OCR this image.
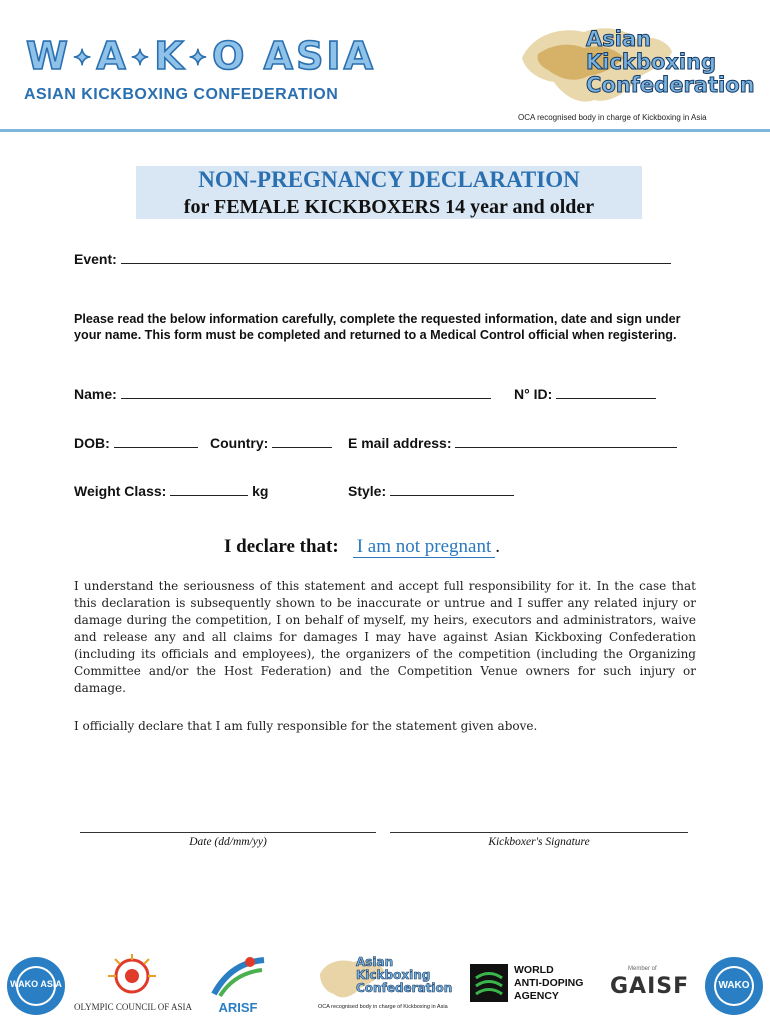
W✦A✦K✦O ASIA
ASIAN KICKBOXING CONFEDERATION
Asian
Kickboxing
Confederation
OCA recognised body in charge of Kickboxing in Asia
NON-PREGNANCY DECLARATION
for FEMALE KICKBOXERS 14 year and older
Event:
Please read the below information carefully, complete the requested information, date and sign under your name. This form must be completed and returned to a Medical Control official when registering.
Name:	N° ID:
DOB:	Country:	E mail address:
Weight Class:	kg	Style:
I declare that: I am not pregnant .
I understand the seriousness of this statement and accept full responsibility for it. In the case that this declaration is subsequently shown to be inaccurate or untrue and I suffer any related injury or damage during the competition, I on behalf of myself, my heirs, executors and administrators, waive and release any and all claims for damages I may have against Asian Kickboxing Confederation (including its officials and employees), the organizers of the competition (including the Organizing Committee and/or the Host Federation) and the Competition Venue owners for such injury or damage.
I officially declare that I am fully responsible for the statement given above.
Date (dd/mm/yy)	Kickboxer's Signature
WAKO ASIA
OLYMPIC COUNCIL OF ASIA	ARISF
Asian
Kickboxing
Confederation
OCA recognised body in charge of Kickboxing in Asia
WORLD
ANTI-DOPING
AGENCY
Member of
GAISF	WAKO
